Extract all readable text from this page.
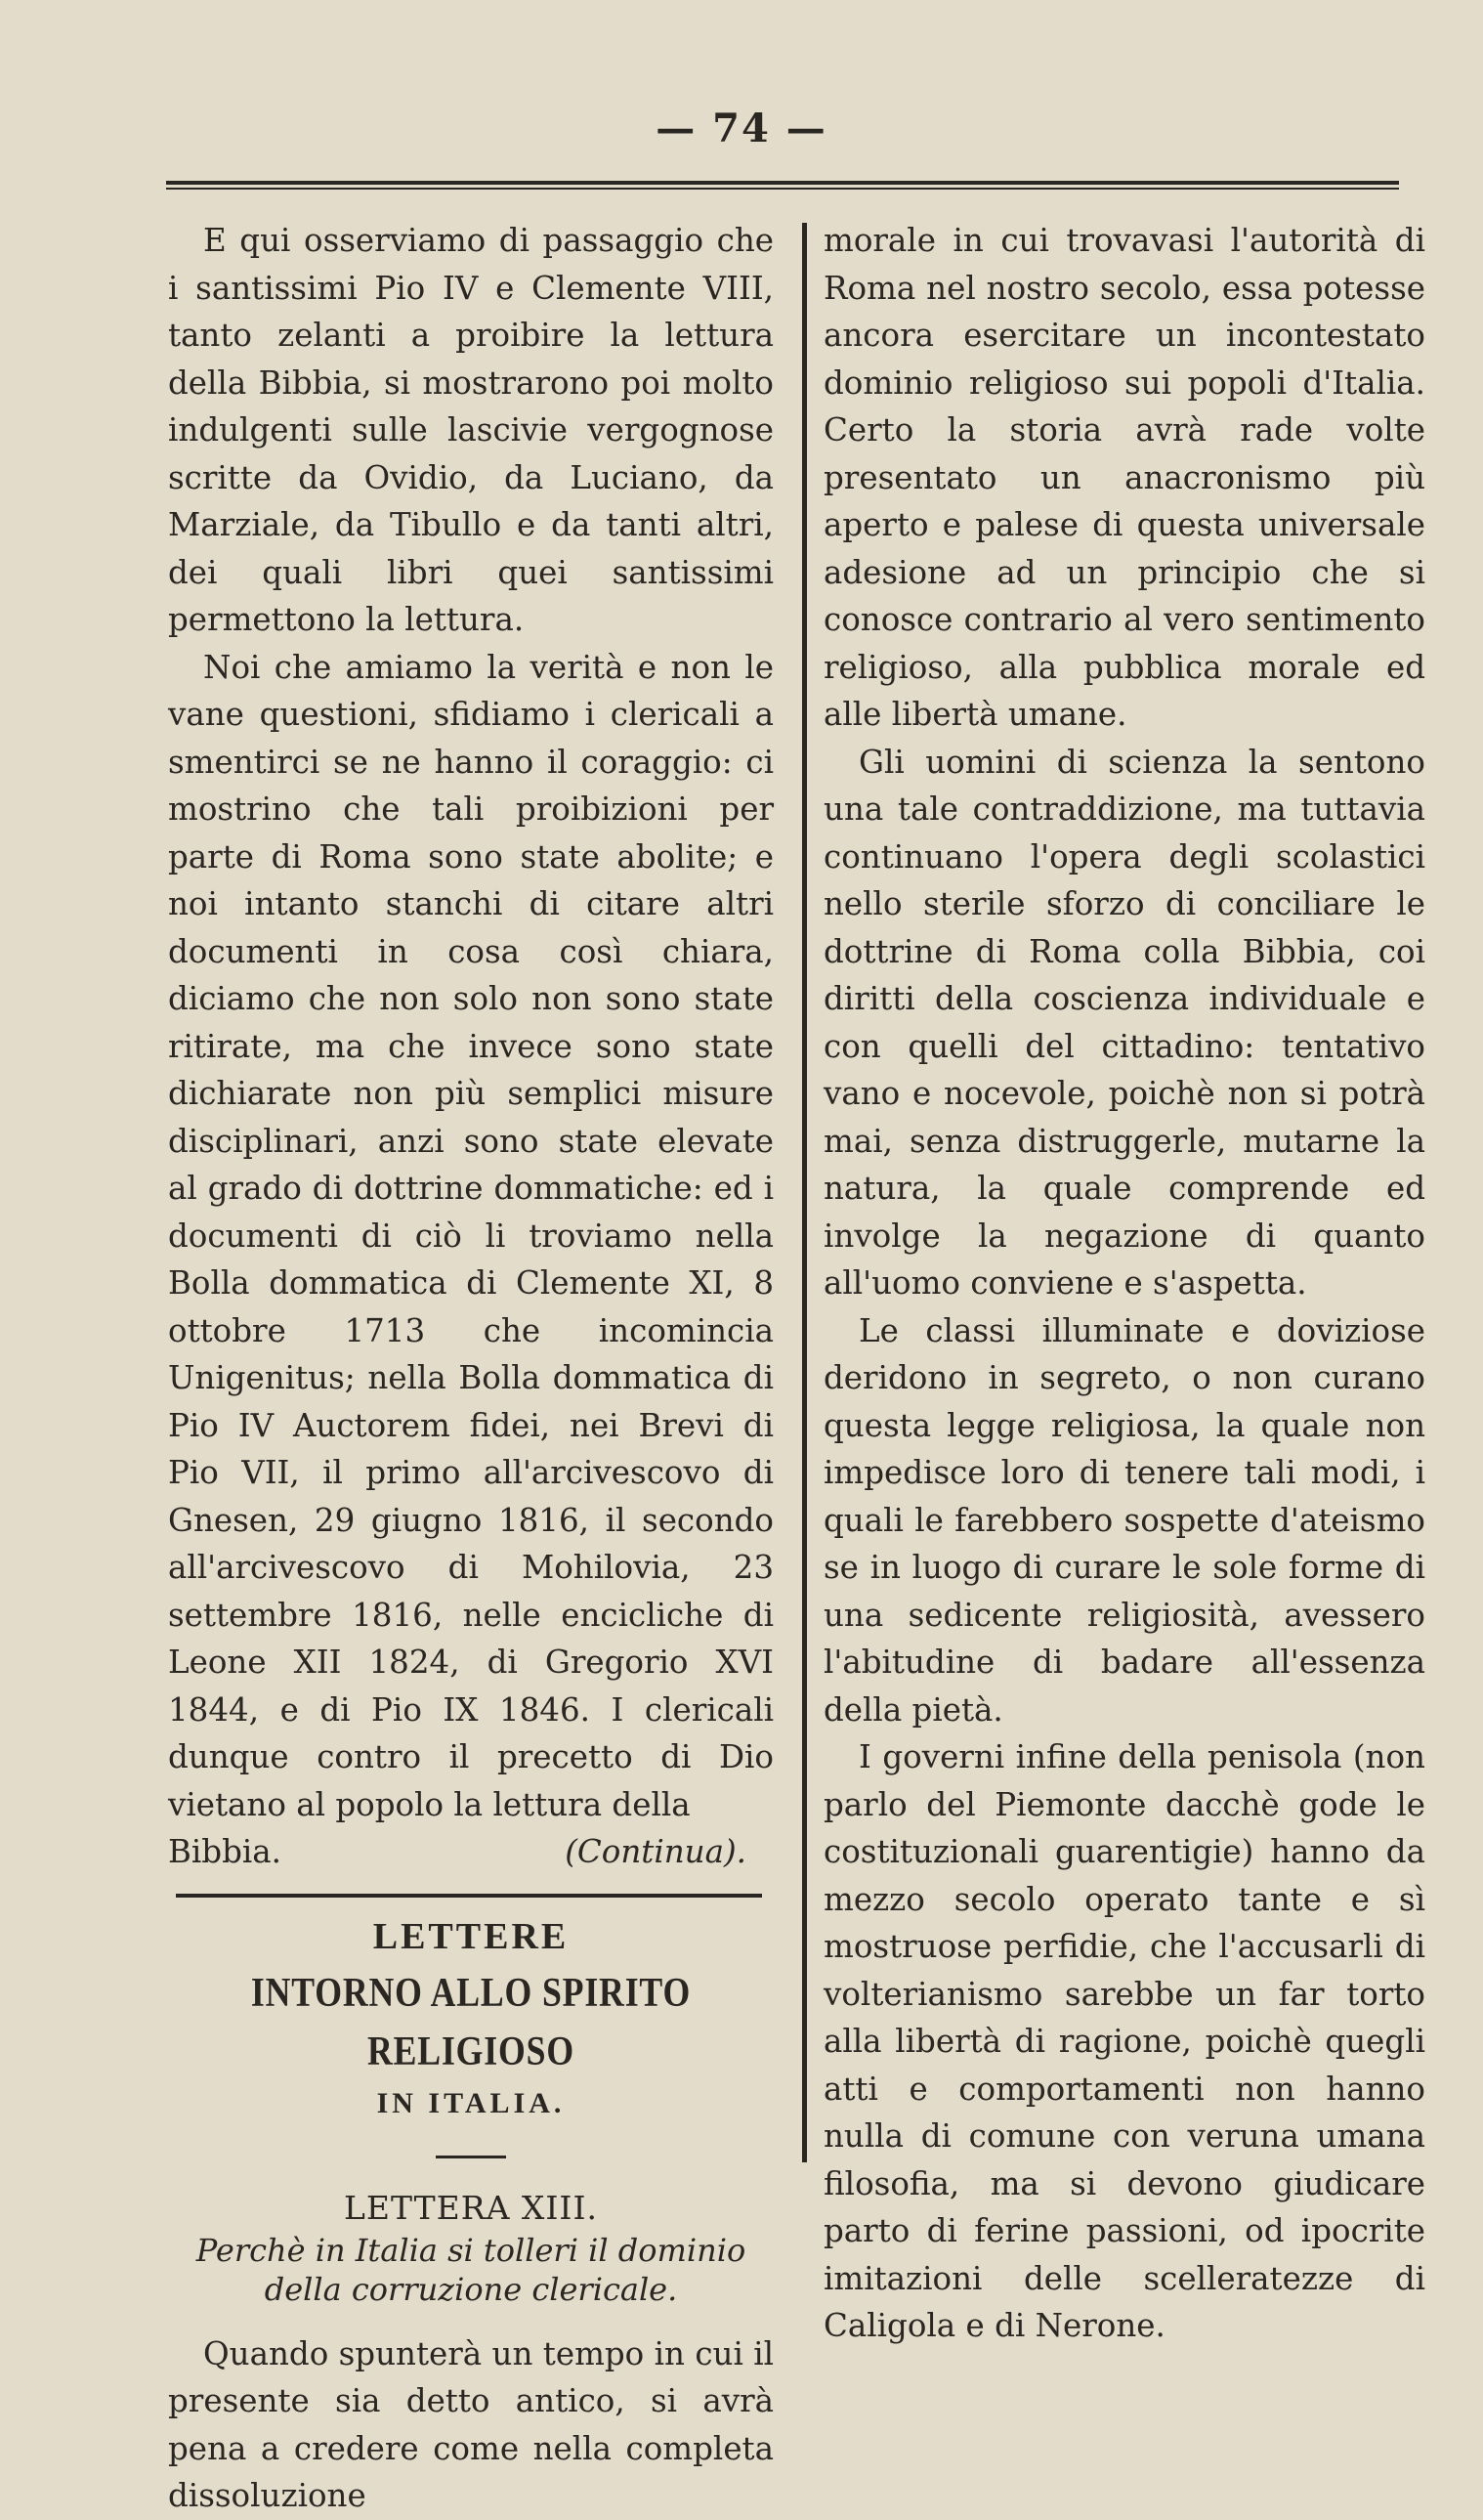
— 74 —

E qui osserviamo di passaggio che i santissimi Pio IV e Clemente VIII, tanto zelanti a proibire la lettura della Bibbia, si mostrarono poi molto indulgenti sulle lascivie vergognose scritte da Ovidio, da Luciano, da Marziale, da Tibullo e da tanti altri, dei quali libri quei santissimi permettono la lettura.

Noi che amiamo la verità e non le vane questioni, sfidiamo i clericali a smentirci se ne hanno il coraggio: ci mostrino che tali proibizioni per parte di Roma sono state abolite; e noi intanto stanchi di citare altri documenti in cosa così chiara, diciamo che non solo non sono state ritirate, ma che invece sono state dichiarate non più semplici misure disciplinari, anzi sono state elevate al grado di dottrine dommatiche: ed i documenti di ciò li troviamo nella Bolla dommatica di Clemente XI, 8 ottobre 1713 che incomincia Unigenitus; nella Bolla dommatica di Pio IV Auctorem fidei, nei Brevi di Pio VII, il primo all'arcivescovo di Gnesen, 29 giugno 1816, il secondo all'arcivescovo di Mohilovia, 23 settembre 1816, nelle encicliche di Leone XII 1824, di Gregorio XVI 1844, e di Pio IX 1846. I clericali dunque contro il precetto di Dio vietano al popolo la lettura della

Bibbia.	(Continua).
LETTERE
INTORNO ALLO SPIRITO RELIGIOSO
IN ITALIA.
LETTERA XIII.
Perchè in Italia si tolleri il dominio della corruzione clericale.

Quando spunterà un tempo in cui il presente sia detto antico, si avrà pena a credere come nella completa dissoluzione

morale in cui trovavasi l'autorità di Roma nel nostro secolo, essa potesse ancora esercitare un incontestato dominio religioso sui popoli d'Italia. Certo la storia avrà rade volte presentato un anacronismo più aperto e palese di questa universale adesione ad un principio che si conosce contrario al vero sentimento religioso, alla pubblica morale ed alle libertà umane.

Gli uomini di scienza la sentono una tale contraddizione, ma tuttavia continuano l'opera degli scolastici nello sterile sforzo di conciliare le dottrine di Roma colla Bibbia, coi diritti della coscienza individuale e con quelli del cittadino: tentativo vano e nocevole, poichè non si potrà mai, senza distruggerle, mutarne la natura, la quale comprende ed involge la negazione di quanto all'uomo conviene e s'aspetta.

Le classi illuminate e doviziose deridono in segreto, o non curano questa legge religiosa, la quale non impedisce loro di tenere tali modi, i quali le farebbero sospette d'ateismo se in luogo di curare le sole forme di una sedicente religiosità, avessero l'abitudine di badare all'essenza della pietà.

I governi infine della penisola (non parlo del Piemonte dacchè gode le costituzionali guarentigie) hanno da mezzo secolo operato tante e sì mostruose perfidie, che l'accusarli di volterianismo sarebbe un far torto alla libertà di ragione, poichè quegli atti e comportamenti non hanno nulla di comune con veruna umana filosofia, ma si devono giudicare parto di ferine passioni, od ipocrite imitazioni delle scelleratezze di Caligola e di Nerone.
